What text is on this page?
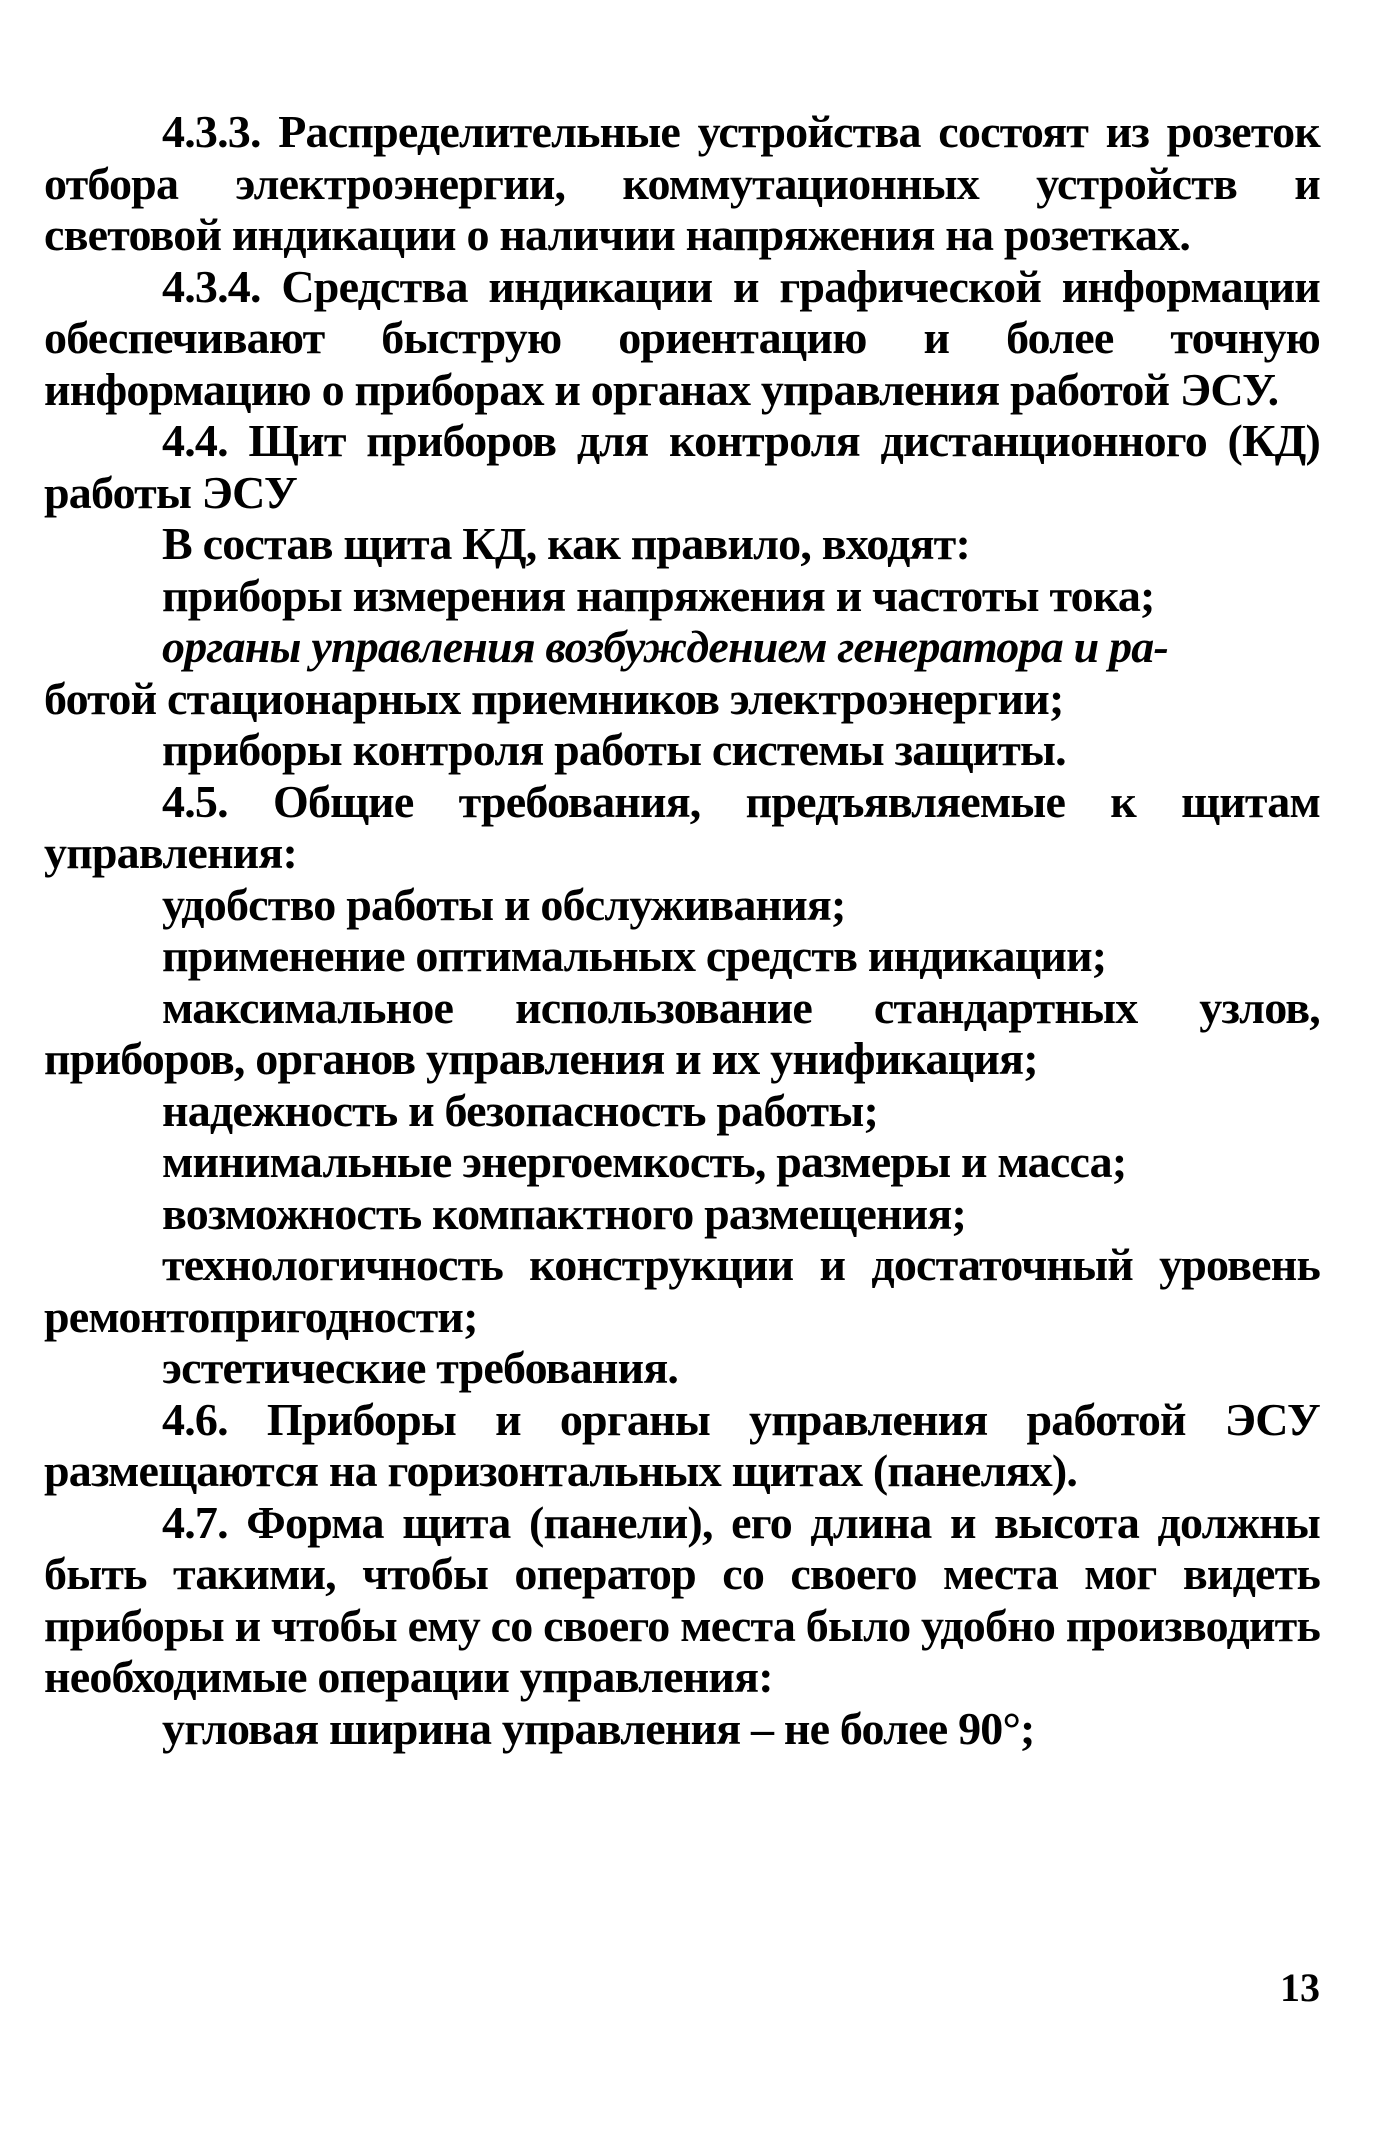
4.3.3. Распределительные устройства состоят из розеток отбора электроэнергии, коммутационных устройств и световой индикации о наличии напряжения на розетках.

4.3.4. Средства индикации и графической информации обеспечивают быструю ориентацию и более точную информацию о приборах и органах управления работой ЭСУ.

4.4. Щит приборов для контроля дистанционного (КД) работы ЭСУ

В состав щита КД, как правило, входят:

приборы измерения напряжения и частоты тока;

органы управления возбуждением генератора и ра-

ботой стационарных приемников электроэнергии;

приборы контроля работы системы защиты.

4.5. Общие требования, предъявляемые к щитам управления:

удобство работы и обслуживания;

применение оптимальных средств индикации;

максимальное использование стандартных узлов, приборов, органов управления и их унификация;

надежность и безопасность работы;

минимальные энергоемкость, размеры и масса;

возможность компактного размещения;

технологичность конструкции и достаточный уровень ремонтопригодности;

эстетические требования.

4.6. Приборы и органы управления работой ЭСУ размещаются на горизонтальных щитах (панелях).

4.7. Форма щита (панели), его длина и высота должны быть такими, чтобы оператор со своего места мог видеть приборы и чтобы ему со своего места было удобно производить необходимые операции управления:

угловая ширина управления – не более 90°;

13
